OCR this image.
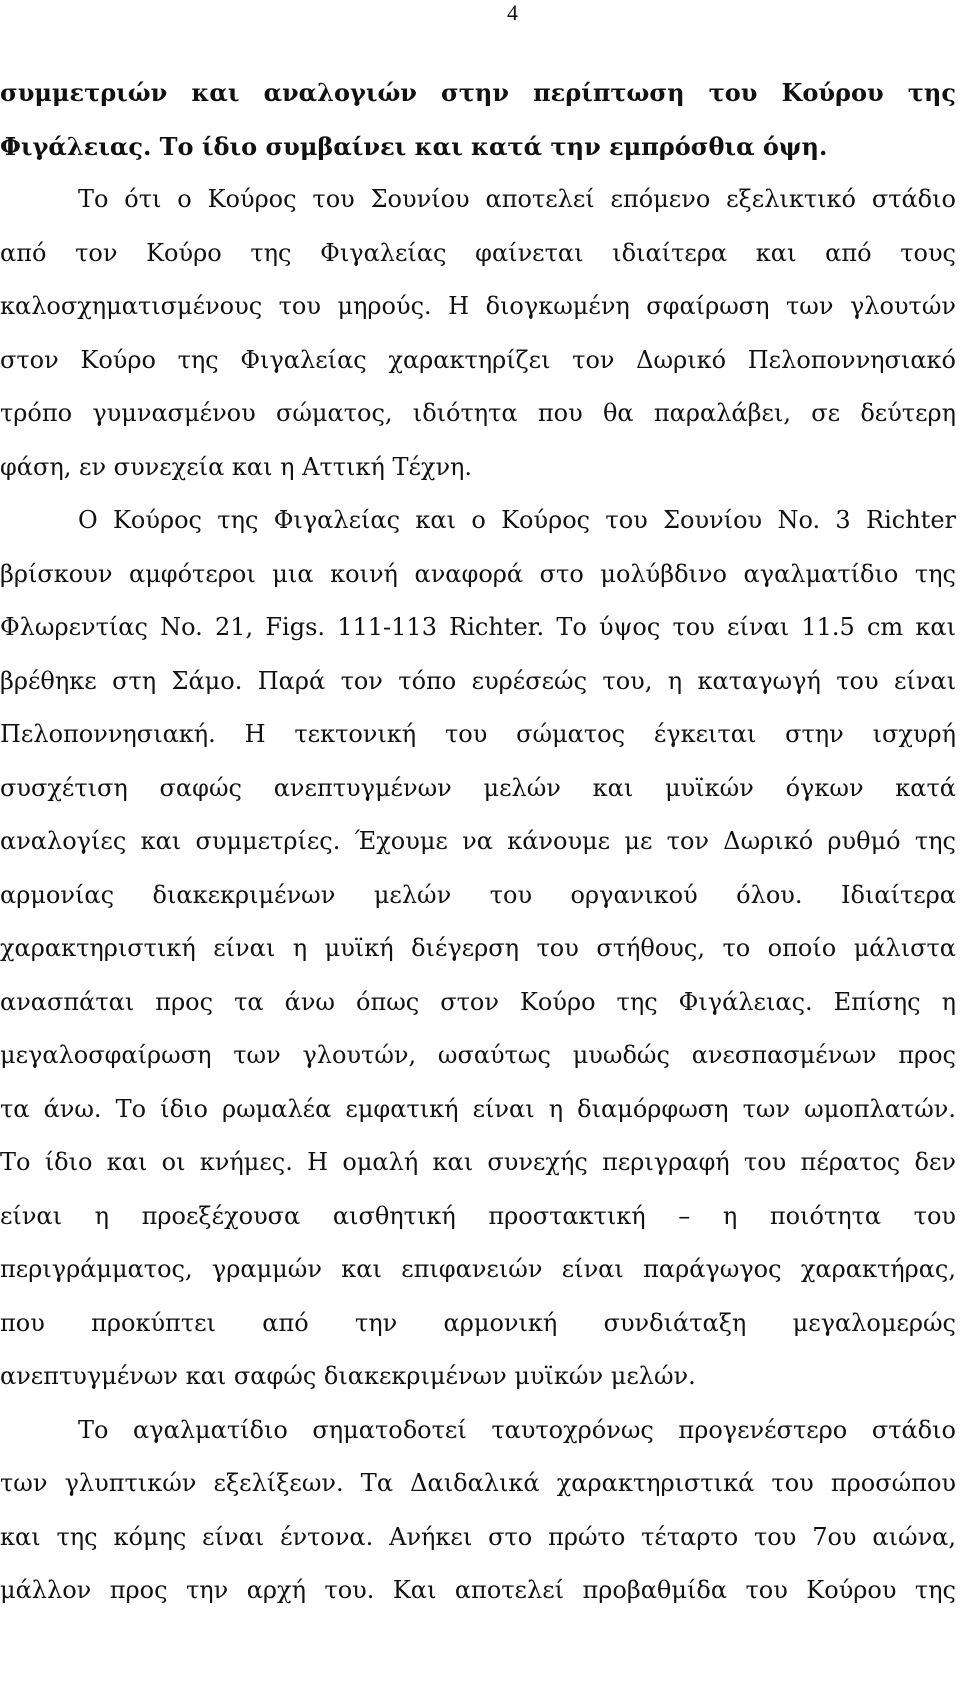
4
συμμετριών και αναλογιών στην περίπτωση του Κούρου της
Φιγάλειας. Το ίδιο συμβαίνει και κατά την εμπρόσθια όψη.
Το ότι ο Κούρος του Σουνίου αποτελεί επόμενο εξελικτικό στάδιο
από τον Κούρο της Φιγαλείας φαίνεται ιδιαίτερα και από τους
καλοσχηματισμένους του μηρούς. Η διογκωμένη σφαίρωση των γλουτών
στον Κούρο της Φιγαλείας χαρακτηρίζει τον Δωρικό Πελοποννησιακό
τρόπο γυμνασμένου σώματος, ιδιότητα που θα παραλάβει, σε δεύτερη
φάση, εν συνεχεία και η Αττική Τέχνη.
Ο Κούρος της Φιγαλείας και ο Κούρος του Σουνίου No. 3 Richter
βρίσκουν αμφότεροι μια κοινή αναφορά στο μολύβδινο αγαλματίδιο της
Φλωρεντίας No. 21, Figs. 111-113 Richter. Το ύψος του είναι 11.5 cm και
βρέθηκε στη Σάμο. Παρά τον τόπο ευρέσεώς του, η καταγωγή του είναι
Πελοποννησιακή. Η τεκτονική του σώματος έγκειται στην ισχυρή
συσχέτιση σαφώς ανεπτυγμένων μελών και μυϊκών όγκων κατά
αναλογίες και συμμετρίες. Έχουμε να κάνουμε με τον Δωρικό ρυθμό της
αρμονίας διακεκριμένων μελών του οργανικού όλου. Ιδιαίτερα
χαρακτηριστική είναι η μυϊκή διέγερση του στήθους, το οποίο μάλιστα
ανασπάται προς τα άνω όπως στον Κούρο της Φιγάλειας. Επίσης η
μεγαλοσφαίρωση των γλουτών, ωσαύτως μυωδώς ανεσπασμένων προς
τα άνω. Το ίδιο ρωμαλέα εμφατική είναι η διαμόρφωση των ωμοπλατών.
Το ίδιο και οι κνήμες. Η ομαλή και συνεχής περιγραφή του πέρατος δεν
είναι η προεξέχουσα αισθητική προστακτική – η ποιότητα του
περιγράμματος, γραμμών και επιφανειών είναι παράγωγος χαρακτήρας,
που προκύπτει από την αρμονική συνδιάταξη μεγαλομερώς
ανεπτυγμένων και σαφώς διακεκριμένων μυϊκών μελών.
Το αγαλματίδιο σηματοδοτεί ταυτοχρόνως προγενέστερο στάδιο
των γλυπτικών εξελίξεων. Τα Δαιδαλικά χαρακτηριστικά του προσώπου
και της κόμης είναι έντονα. Ανήκει στο πρώτο τέταρτο του 7ου αιώνα,
μάλλον προς την αρχή του. Και αποτελεί προβαθμίδα του Κούρου της
